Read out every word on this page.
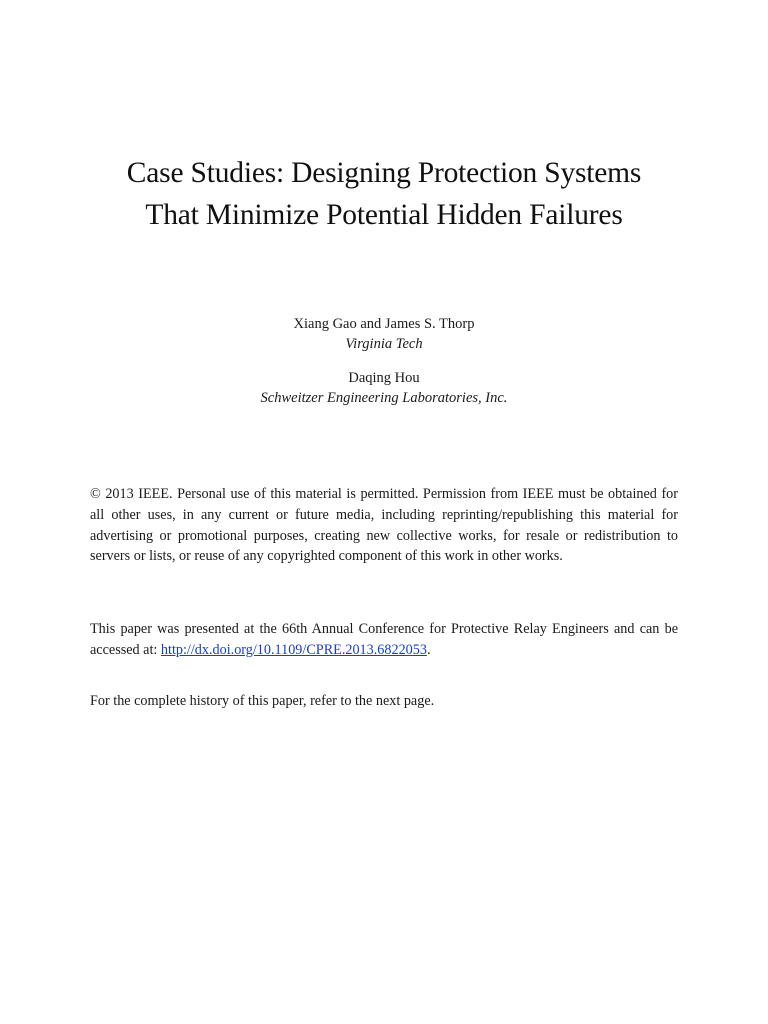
Case Studies: Designing Protection Systems
That Minimize Potential Hidden Failures
Xiang Gao and James S. Thorp
Virginia Tech
Daqing Hou
Schweitzer Engineering Laboratories, Inc.

© 2013 IEEE. Personal use of this material is permitted. Permission from IEEE must be obtained for all other uses, in any current or future media, including reprinting/republishing this material for advertising or promotional purposes, creating new collective works, for resale or redistribution to servers or lists, or reuse of any copyrighted component of this work in other works.

This paper was presented at the 66th Annual Conference for Protective Relay Engineers and can be accessed at: http://dx.doi.org/10.1109/CPRE.2013.6822053.

For the complete history of this paper, refer to the next page.
